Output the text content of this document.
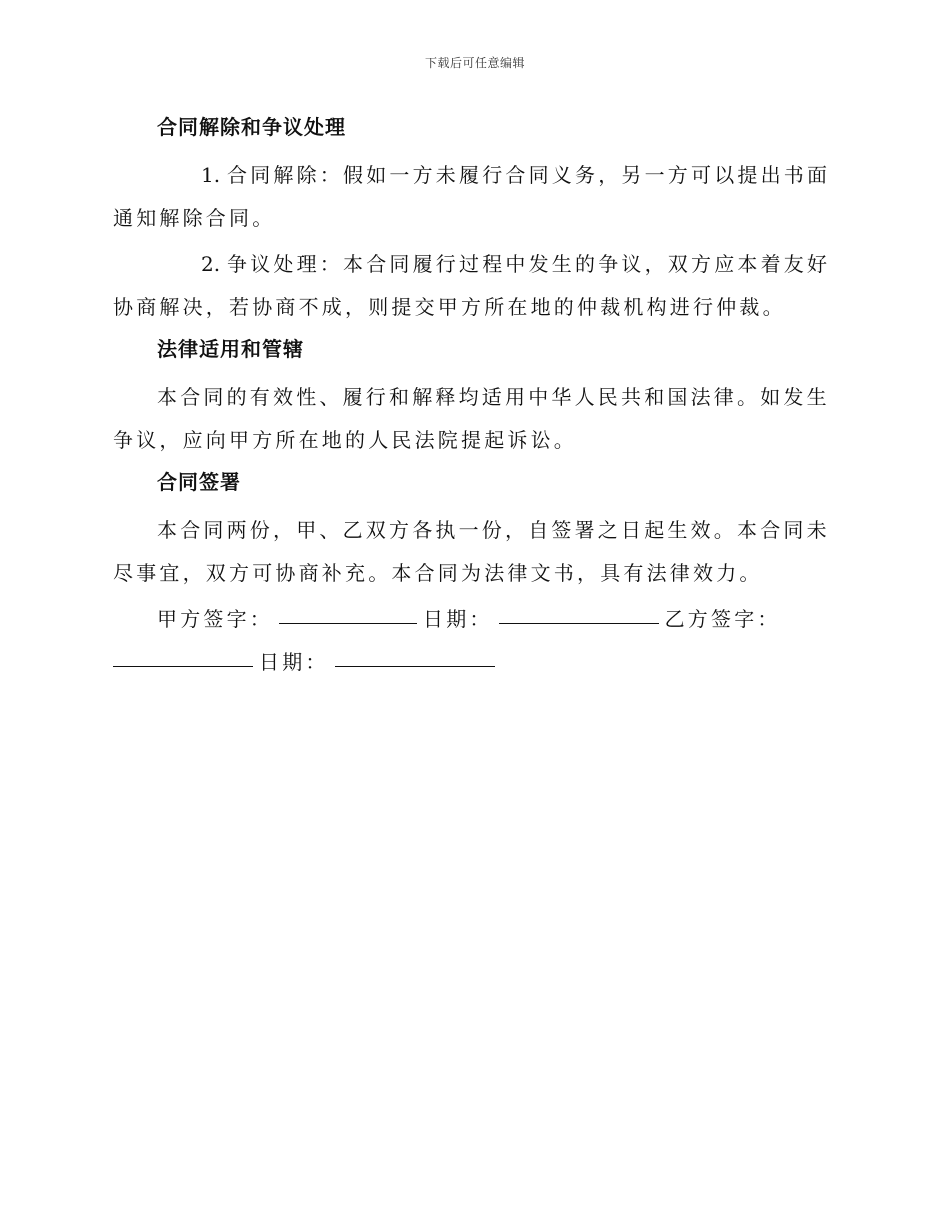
下载后可任意编辑
合同解除和争议处理
1. 合同解除：假如一方未履行合同义务，另一方可以提出书面通知解除合同。
2. 争议处理：本合同履行过程中发生的争议，双方应本着友好协商解决，若协商不成，则提交甲方所在地的仲裁机构进行仲裁。
法律适用和管辖
本合同的有效性、履行和解释均适用中华人民共和国法律。如发生争议，应向甲方所在地的人民法院提起诉讼。
合同签署
本合同两份，甲、乙双方各执一份，自签署之日起生效。本合同未尽事宜，双方可协商补充。本合同为法律文书，具有法律效力。
甲方签字：	日期：	乙方签字： 日期：
